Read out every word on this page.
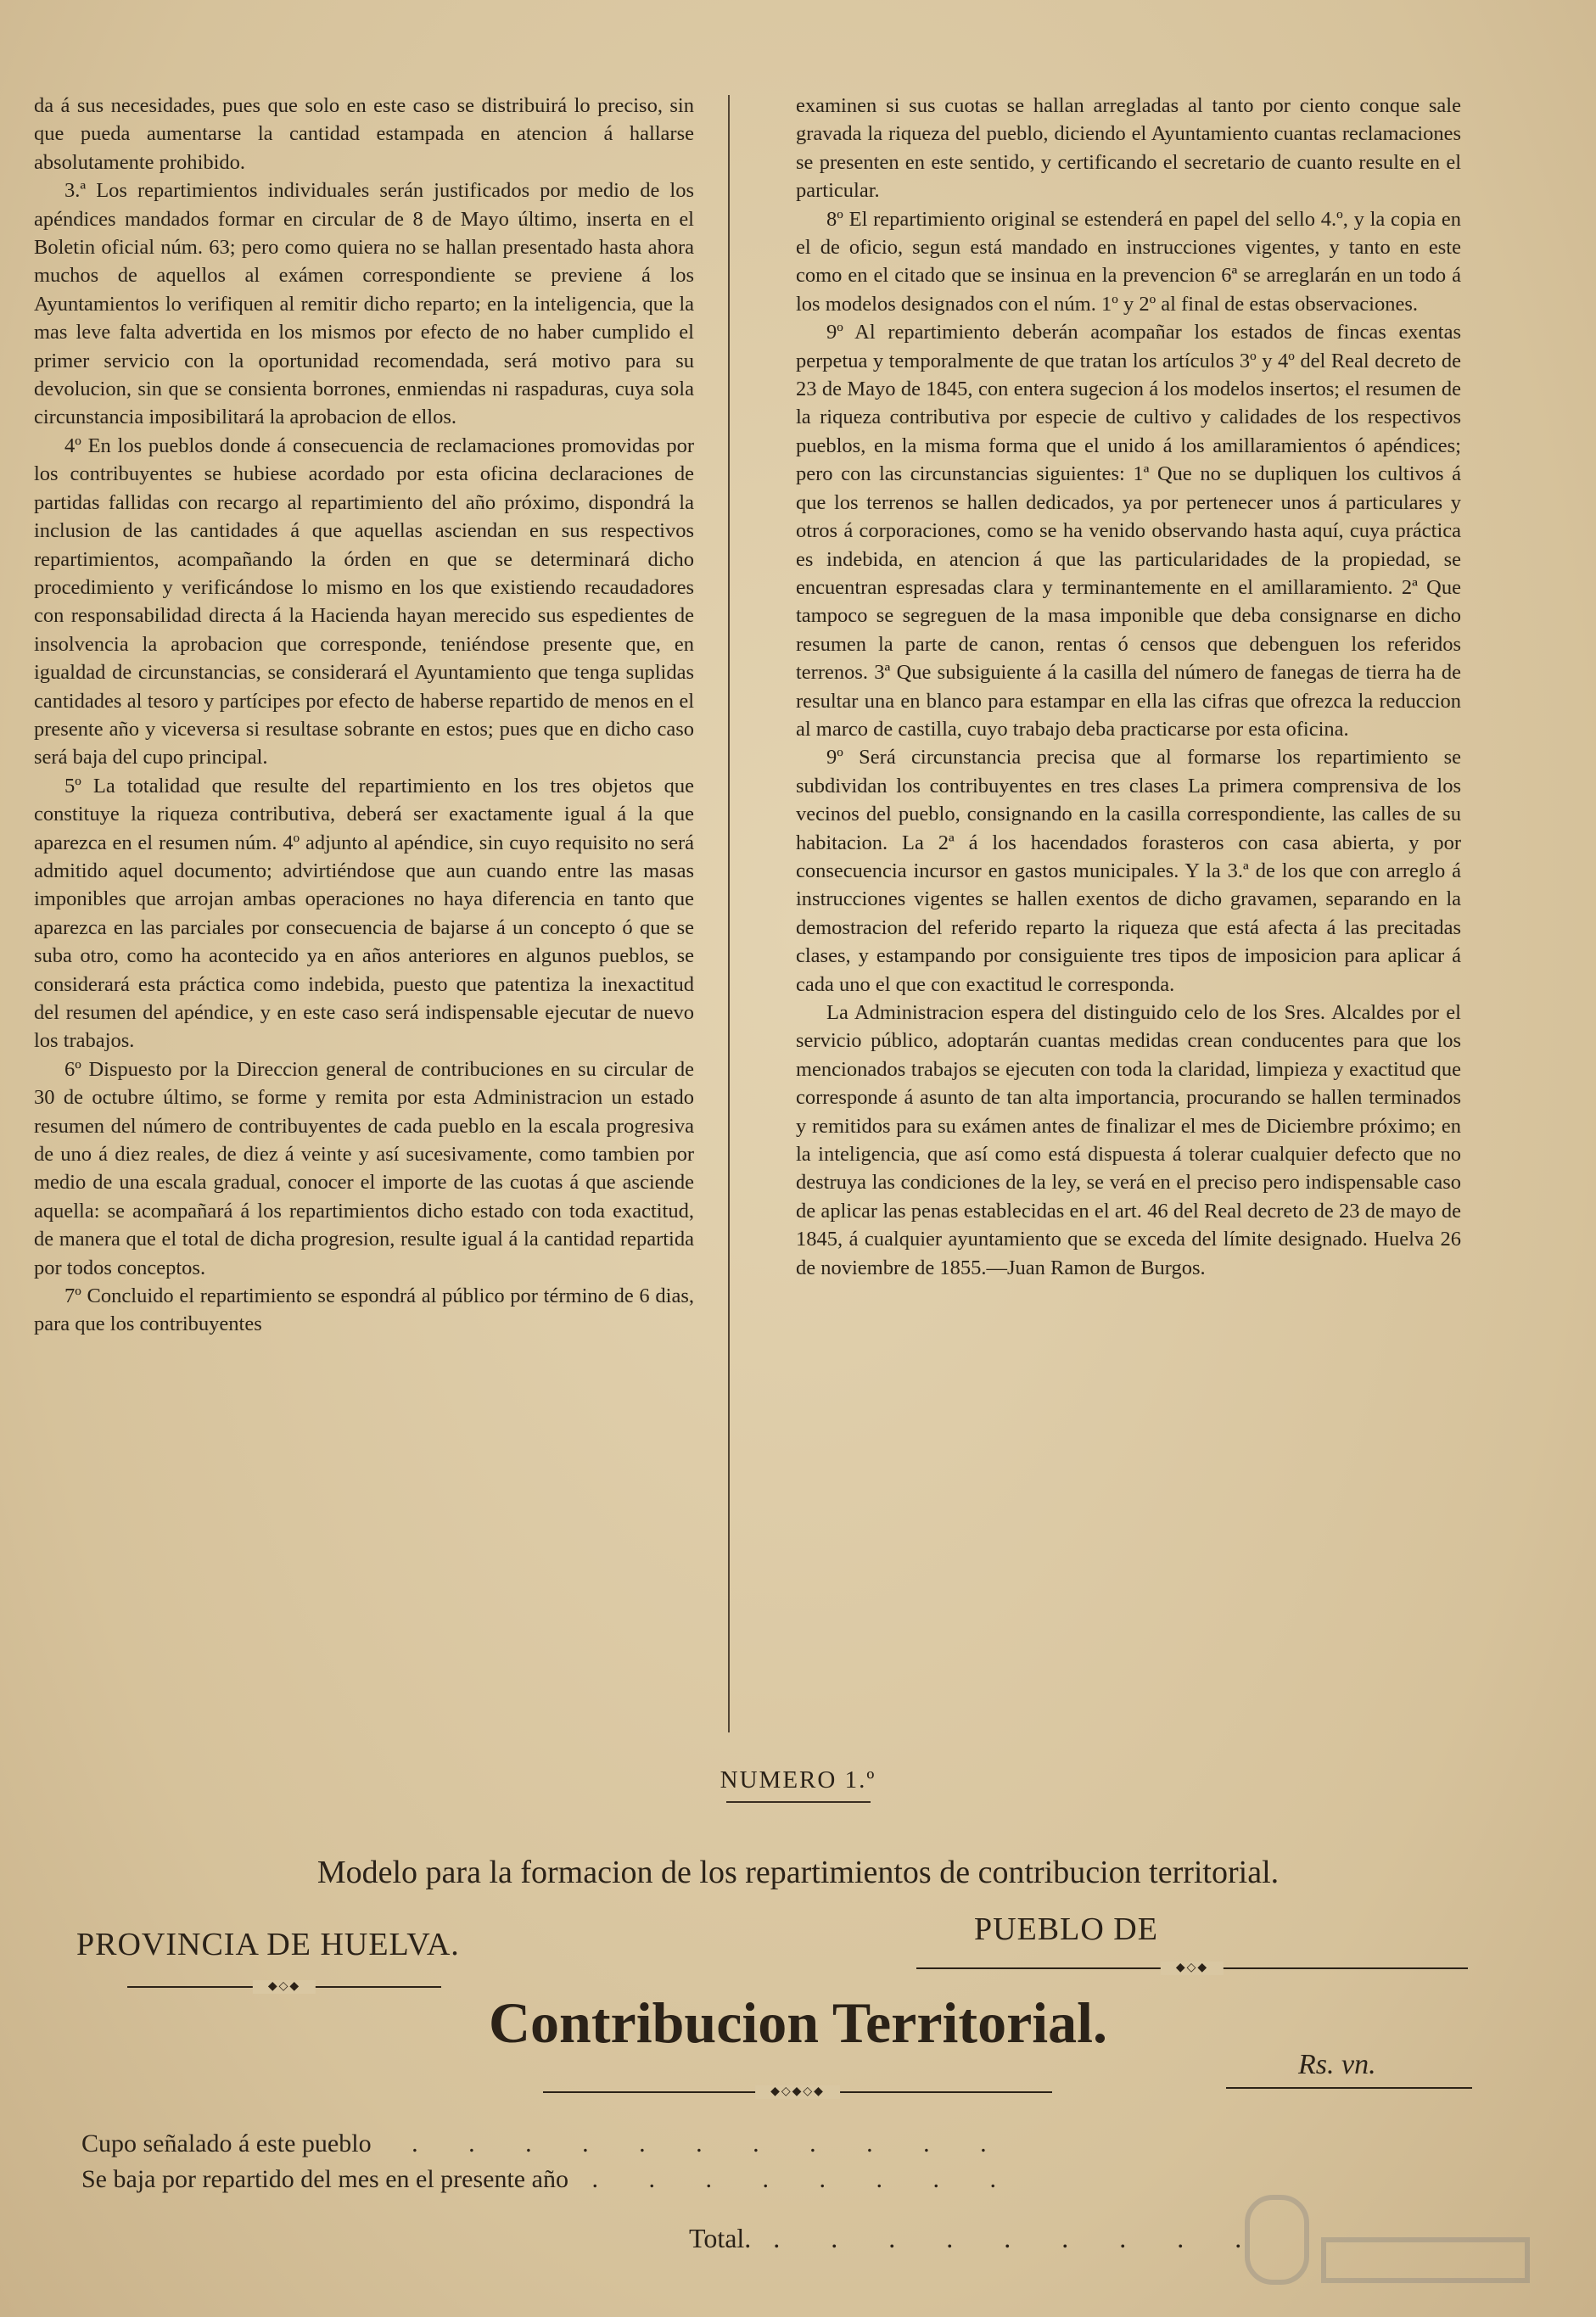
da á sus necesidades, pues que solo en este caso se distribuirá lo preciso, sin que pueda aumentarse la cantidad estampada en atencion á hallarse absolutamente prohibido.

3.ª Los repartimientos individuales serán justificados por medio de los apéndices mandados formar en circular de 8 de Mayo último, inserta en el Boletin oficial núm. 63; pero como quiera no se hallan presentado hasta ahora muchos de aquellos al exámen correspondiente se previene á los Ayuntamientos lo verifiquen al remitir dicho reparto; en la inteligencia, que la mas leve falta advertida en los mismos por efecto de no haber cumplido el primer servicio con la oportunidad recomendada, será motivo para su devolucion, sin que se consienta borrones, enmiendas ni raspaduras, cuya sola circunstancia imposibilitará la aprobacion de ellos.

4º En los pueblos donde á consecuencia de reclamaciones promovidas por los contribuyentes se hubiese acordado por esta oficina declaraciones de partidas fallidas con recargo al repartimiento del año próximo, dispondrá la inclusion de las cantidades á que aquellas asciendan en sus respectivos repartimientos, acompañando la órden en que se determinará dicho procedimiento y verificándose lo mismo en los que existiendo recaudadores con responsabilidad directa á la Hacienda hayan merecido sus espedientes de insolvencia la aprobacion que corresponde, teniéndose presente que, en igualdad de circunstancias, se considerará el Ayuntamiento que tenga suplidas cantidades al tesoro y partícipes por efecto de haberse repartido de menos en el presente año y viceversa si resultase sobrante en estos; pues que en dicho caso será baja del cupo principal.

5º La totalidad que resulte del repartimiento en los tres objetos que constituye la riqueza contributiva, deberá ser exactamente igual á la que aparezca en el resumen núm. 4º adjunto al apéndice, sin cuyo requisito no será admitido aquel documento; advirtiéndose que aun cuando entre las masas imponibles que arrojan ambas operaciones no haya diferencia en tanto que aparezca en las parciales por consecuencia de bajarse á un concepto ó que se suba otro, como ha acontecido ya en años anteriores en algunos pueblos, se considerará esta práctica como indebida, puesto que patentiza la inexactitud del resumen del apéndice, y en este caso será indispensable ejecutar de nuevo los trabajos.

6º Dispuesto por la Direccion general de contribuciones en su circular de 30 de octubre último, se forme y remita por esta Administracion un estado resumen del número de contribuyentes de cada pueblo en la escala progresiva de uno á diez reales, de diez á veinte y así sucesivamente, como tambien por medio de una escala gradual, conocer el importe de las cuotas á que asciende aquella: se acompañará á los repartimientos dicho estado con toda exactitud, de manera que el total de dicha progresion, resulte igual á la cantidad repartida por todos conceptos.

7º Concluido el repartimiento se espondrá al público por término de 6 dias, para que los contribuyentes

examinen si sus cuotas se hallan arregladas al tanto por ciento conque sale gravada la riqueza del pueblo, diciendo el Ayuntamiento cuantas reclamaciones se presenten en este sentido, y certificando el secretario de cuanto resulte en el particular.

8º El repartimiento original se estenderá en papel del sello 4.º, y la copia en el de oficio, segun está mandado en instrucciones vigentes, y tanto en este como en el citado que se insinua en la prevencion 6ª se arreglarán en un todo á los modelos designados con el núm. 1º y 2º al final de estas observaciones.

9º Al repartimiento deberán acompañar los estados de fincas exentas perpetua y temporalmente de que tratan los artículos 3º y 4º del Real decreto de 23 de Mayo de 1845, con entera sugecion á los modelos insertos; el resumen de la riqueza contributiva por especie de cultivo y calidades de los respectivos pueblos, en la misma forma que el unido á los amillaramientos ó apéndices; pero con las circunstancias siguientes: 1ª Que no se dupliquen los cultivos á que los terrenos se hallen dedicados, ya por pertenecer unos á particulares y otros á corporaciones, como se ha venido observando hasta aquí, cuya práctica es indebida, en atencion á que las particularidades de la propiedad, se encuentran espresadas clara y terminantemente en el amillaramiento. 2ª Que tampoco se segreguen de la masa imponible que deba consignarse en dicho resumen la parte de canon, rentas ó censos que debenguen los referidos terrenos. 3ª Que subsiguiente á la casilla del número de fanegas de tierra ha de resultar una en blanco para estampar en ella las cifras que ofrezca la reduccion al marco de castilla, cuyo trabajo deba practicarse por esta oficina.

9º Será circunstancia precisa que al formarse los repartimiento se subdividan los contribuyentes en tres clases La primera comprensiva de los vecinos del pueblo, consignando en la casilla correspondiente, las calles de su habitacion. La 2ª á los hacendados forasteros con casa abierta, y por consecuencia incursor en gastos municipales. Y la 3.ª de los que con arreglo á instrucciones vigentes se hallen exentos de dicho gravamen, separando en la demostracion del referido reparto la riqueza que está afecta á las precitadas clases, y estampando por consiguiente tres tipos de imposicion para aplicar á cada uno el que con exactitud le corresponda.

La Administracion espera del distinguido celo de los Sres. Alcaldes por el servicio público, adoptarán cuantas medidas crean conducentes para que los mencionados trabajos se ejecuten con toda la claridad, limpieza y exactitud que corresponde á asunto de tan alta importancia, procurando se hallen terminados y remitidos para su exámen antes de finalizar el mes de Diciembre próximo; en la inteligencia, que así como está dispuesta á tolerar cualquier defecto que no destruya las condiciones de la ley, se verá en el preciso pero indispensable caso de aplicar las penas establecidas en el art. 46 del Real decreto de 23 de mayo de 1845, á cualquier ayuntamiento que se exceda del límite designado. Huelva 26 de noviembre de 1855.—Juan Ramon de Burgos.

NUMERO 1.º
Modelo para la formacion de los repartimientos de contribucion territorial.
PROVINCIA DE HUELVA.
◆◇◆
PUEBLO DE
◆◇◆
Contribucion Territorial.
◆◇◆◇◆
Rs. vn.
Cupo señalado á este pueblo . . . . . . . . . . .
Se baja por repartido del mes en el presente año . . . . . . . .
Total. . . . . . . . . .
